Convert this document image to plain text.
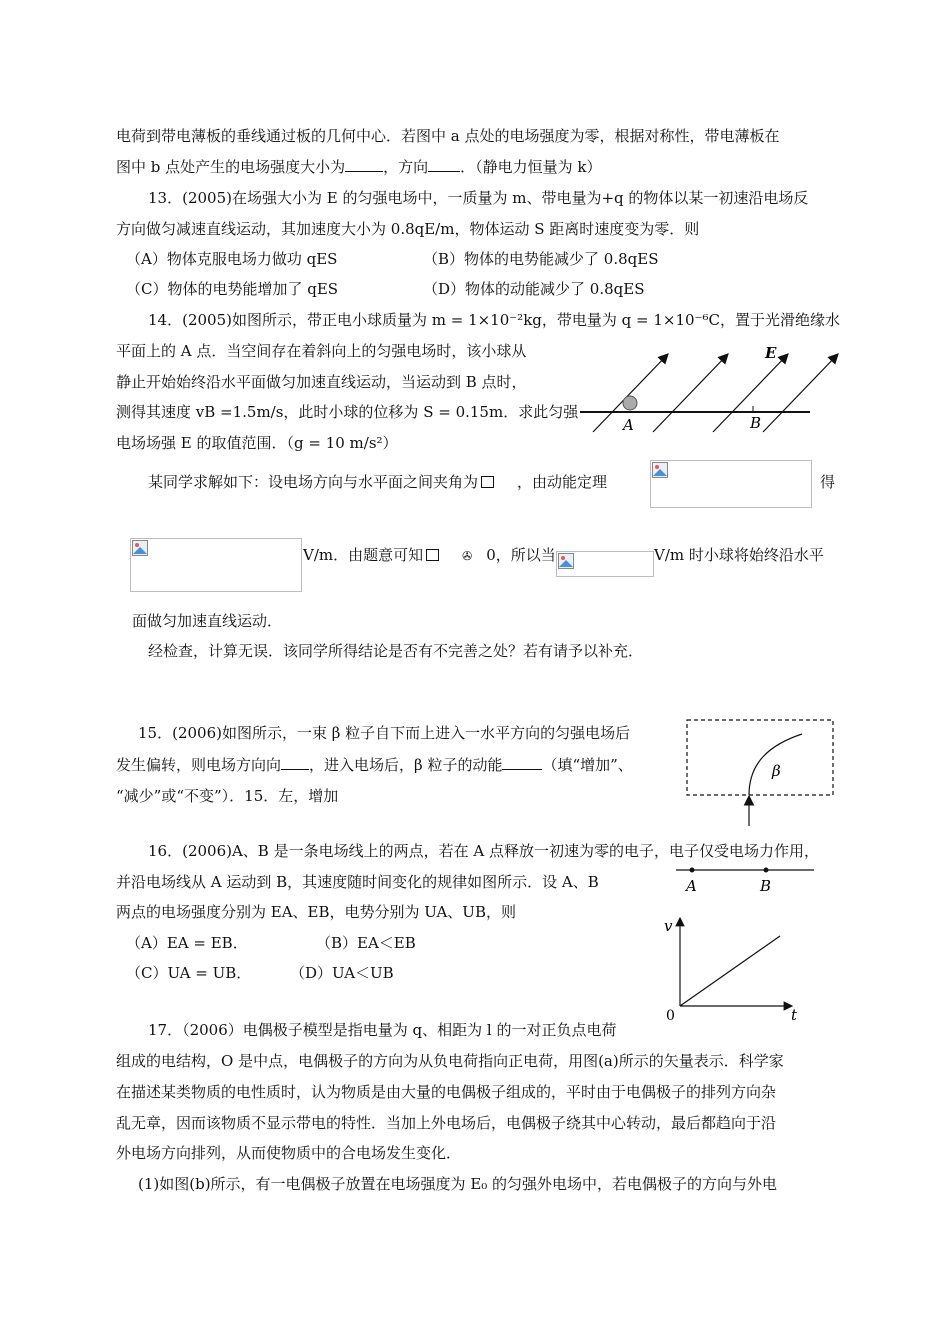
电荷到带电薄板的垂线通过板的几何中心．若图中 a 点处的电场强度为零，根据对称性，带电薄板在
图中 b 点处产生的电场强度大小为	，方向 ．（静电力恒量为 k）
13．(2005)在场强大小为 E 的匀强电场中，一质量为 m、带电量为+q 的物体以某一初速沿电场反
方向做匀减速直线运动，其加速度大小为 0.8qE/m，物体运动 S 距离时速度变为零．则
（A）物体克服电场力做功 qES	（B）物体的电势能减少了 0.8qES
（C）物体的电势能增加了 qES	（D）物体的动能减少了 0.8qES
14．(2005)如图所示，带正电小球质量为 m = 1×10⁻²kg，带电量为 q = 1×10⁻⁶C，置于光滑绝缘水
平面上的 A 点．当空间存在着斜向上的匀强电场时，该小球从
静止开始始终沿水平面做匀加速直线运动，当运动到 B 点时，
测得其速度 vB =1.5m/s，此时小球的位移为 S = 0.15m．求此匀强
电场场强 E 的取值范围．（g = 10 m/s²）
E
A	B
某同学求解如下：设电场方向与水平面之间夹角为	，由动能定理	得
V/m．由题意可知	✇ 0，所以当	V/m 时小球将始终沿水平
面做匀加速直线运动．
经检查，计算无误．该同学所得结论是否有不完善之处？若有请予以补充．
15．(2006)如图所示，一束 β 粒子自下而上进入一水平方向的匀强电场后
发生偏转，则电场方向向 ，进入电场后，β 粒子的动能	（填“增加”、
“减少”或“不变”）．15．左，增加
β
16．(2006)A、B 是一条电场线上的两点，若在 A 点释放一初速为零的电子，电子仅受电场力作用，
并沿电场线从 A 运动到 B，其速度随时间变化的规律如图所示．设 A、B
两点的电场强度分别为 EA、EB，电势分别为 UA、UB，则
（A）EA = EB．	（B）EA＜EB
（C）UA = UB．	（D）UA＜UB
A	B
v
0	t
17．（2006）电偶极子模型是指电量为 q、相距为 l 的一对正负点电荷
组成的电结构，O 是中点，电偶极子的方向为从负电荷指向正电荷，用图(a)所示的矢量表示．科学家
在描述某类物质的电性质时，认为物质是由大量的电偶极子组成的，平时由于电偶极子的排列方向杂
乱无章，因而该物质不显示带电的特性．当加上外电场后，电偶极子绕其中心转动，最后都趋向于沿
外电场方向排列，从而使物质中的合电场发生变化．
(1)如图(b)所示，有一电偶极子放置在电场强度为 E₀ 的匀强外电场中，若电偶极子的方向与外电
